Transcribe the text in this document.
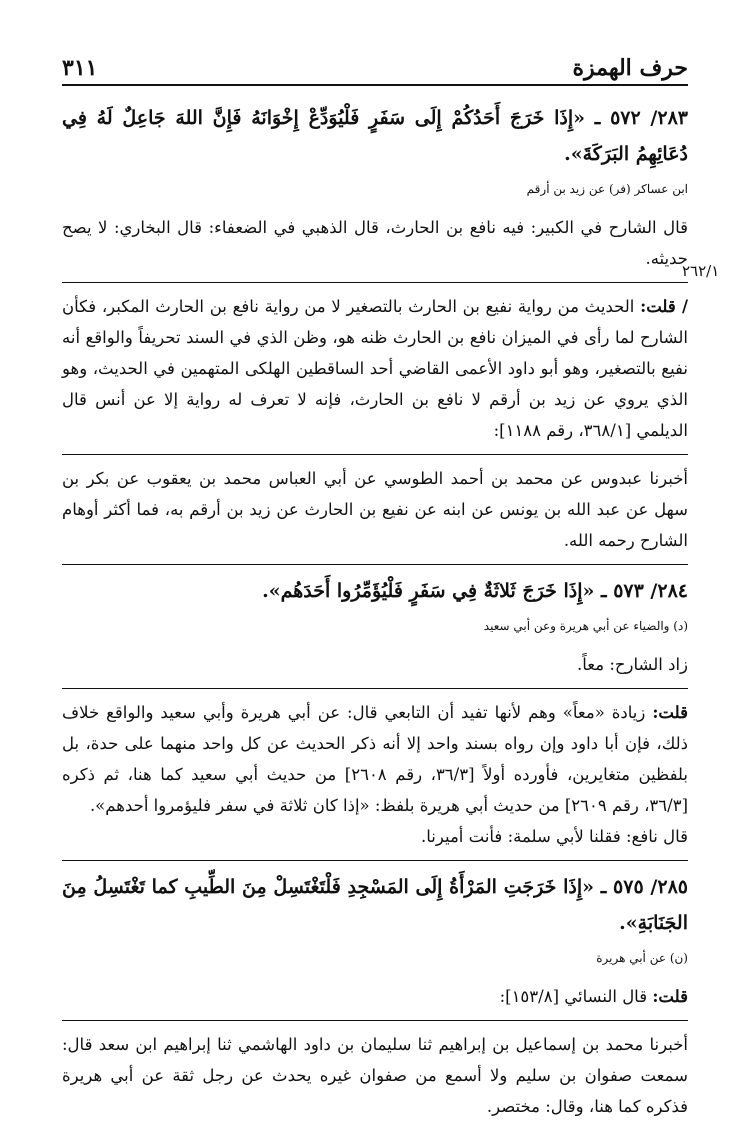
حرف الهمزة
٣١١
٢٦٢/١

٢٨٣/ ٥٧٢ ـ «إِذَا خَرَجَ أَحَدُكُمْ إِلَى سَفَرٍ فَلْيُوَدِّعْ إِخْوَانَهُ فَإِنَّ اللهَ جَاعِلٌ لَهُ فِي دُعَائِهِمُ البَرَكَةَ».

ابن عساكر (فر) عن زيد بن أرقم

قال الشارح في الكبير: فيه نافع بن الحارث، قال الذهبي في الضعفاء: قال البخاري: لا يصح حديثه.

/ قلت: الحديث من رواية نفيع بن الحارث بالتصغير لا من رواية نافع بن الحارث المكبر، فكأن الشارح لما رأى في الميزان نافع بن الحارث ظنه هو، وظن الذي في السند تحريفاً والواقع أنه نفيع بالتصغير، وهو أبو داود الأعمى القاضي أحد الساقطين الهلكى المتهمين في الحديث، وهو الذي يروي عن زيد بن أرقم لا نافع بن الحارث، فإنه لا تعرف له رواية إلا عن أنس قال الديلمي [٣٦٨/١، رقم ١١٨٨]:

أخبرنا عبدوس عن محمد بن أحمد الطوسي عن أبي العباس محمد بن يعقوب عن بكر بن سهل عن عبد الله بن يونس عن ابنه عن نفيع بن الحارث عن زيد بن أرقم به، فما أكثر أوهام الشارح رحمه الله.

٢٨٤/ ٥٧٣ ـ «إِذَا خَرَجَ ثَلاثَةٌ فِي سَفَرٍ فَلْيُؤَمِّرُوا أَحَدَهُم».

(د) والضياء عن أبي هريرة وعن أبي سعيد

زاد الشارح: معاً.

قلت: زيادة «معاً» وهم لأنها تفيد أن التابعي قال: عن أبي هريرة وأبي سعيد والواقع خلاف ذلك، فإن أبا داود وإن رواه بسند واحد إلا أنه ذكر الحديث عن كل واحد منهما على حدة، بل بلفظين متغايرين، فأورده أولاً [٣٦/٣، رقم ٢٦٠٨] من حديث أبي سعيد كما هنا، ثم ذكره [٣٦/٣، رقم ٢٦٠٩] من حديث أبي هريرة بلفظ: «إذا كان ثلاثة في سفر فليؤمروا أحدهم».

قال نافع: فقلنا لأبي سلمة: فأنت أميرنا.

٢٨٥/ ٥٧٥ ـ «إِذَا خَرَجَتِ المَرْأَةُ إِلَى المَسْجِدِ فَلْتَغْتَسِلْ مِنَ الطِّيبِ كما تَغْتَسِلُ مِنَ الجَنَابَةِ».

(ن) عن أبي هريرة

قلت: قال النسائي [١٥٣/٨]:

أخبرنا محمد بن إسماعيل بن إبراهيم ثنا سليمان بن داود الهاشمي ثنا إبراهيم ابن سعد قال: سمعت صفوان بن سليم ولا أسمع من صفوان غيره يحدث عن رجل ثقة عن أبي هريرة فذكره كما هنا، وقال: مختصر.
